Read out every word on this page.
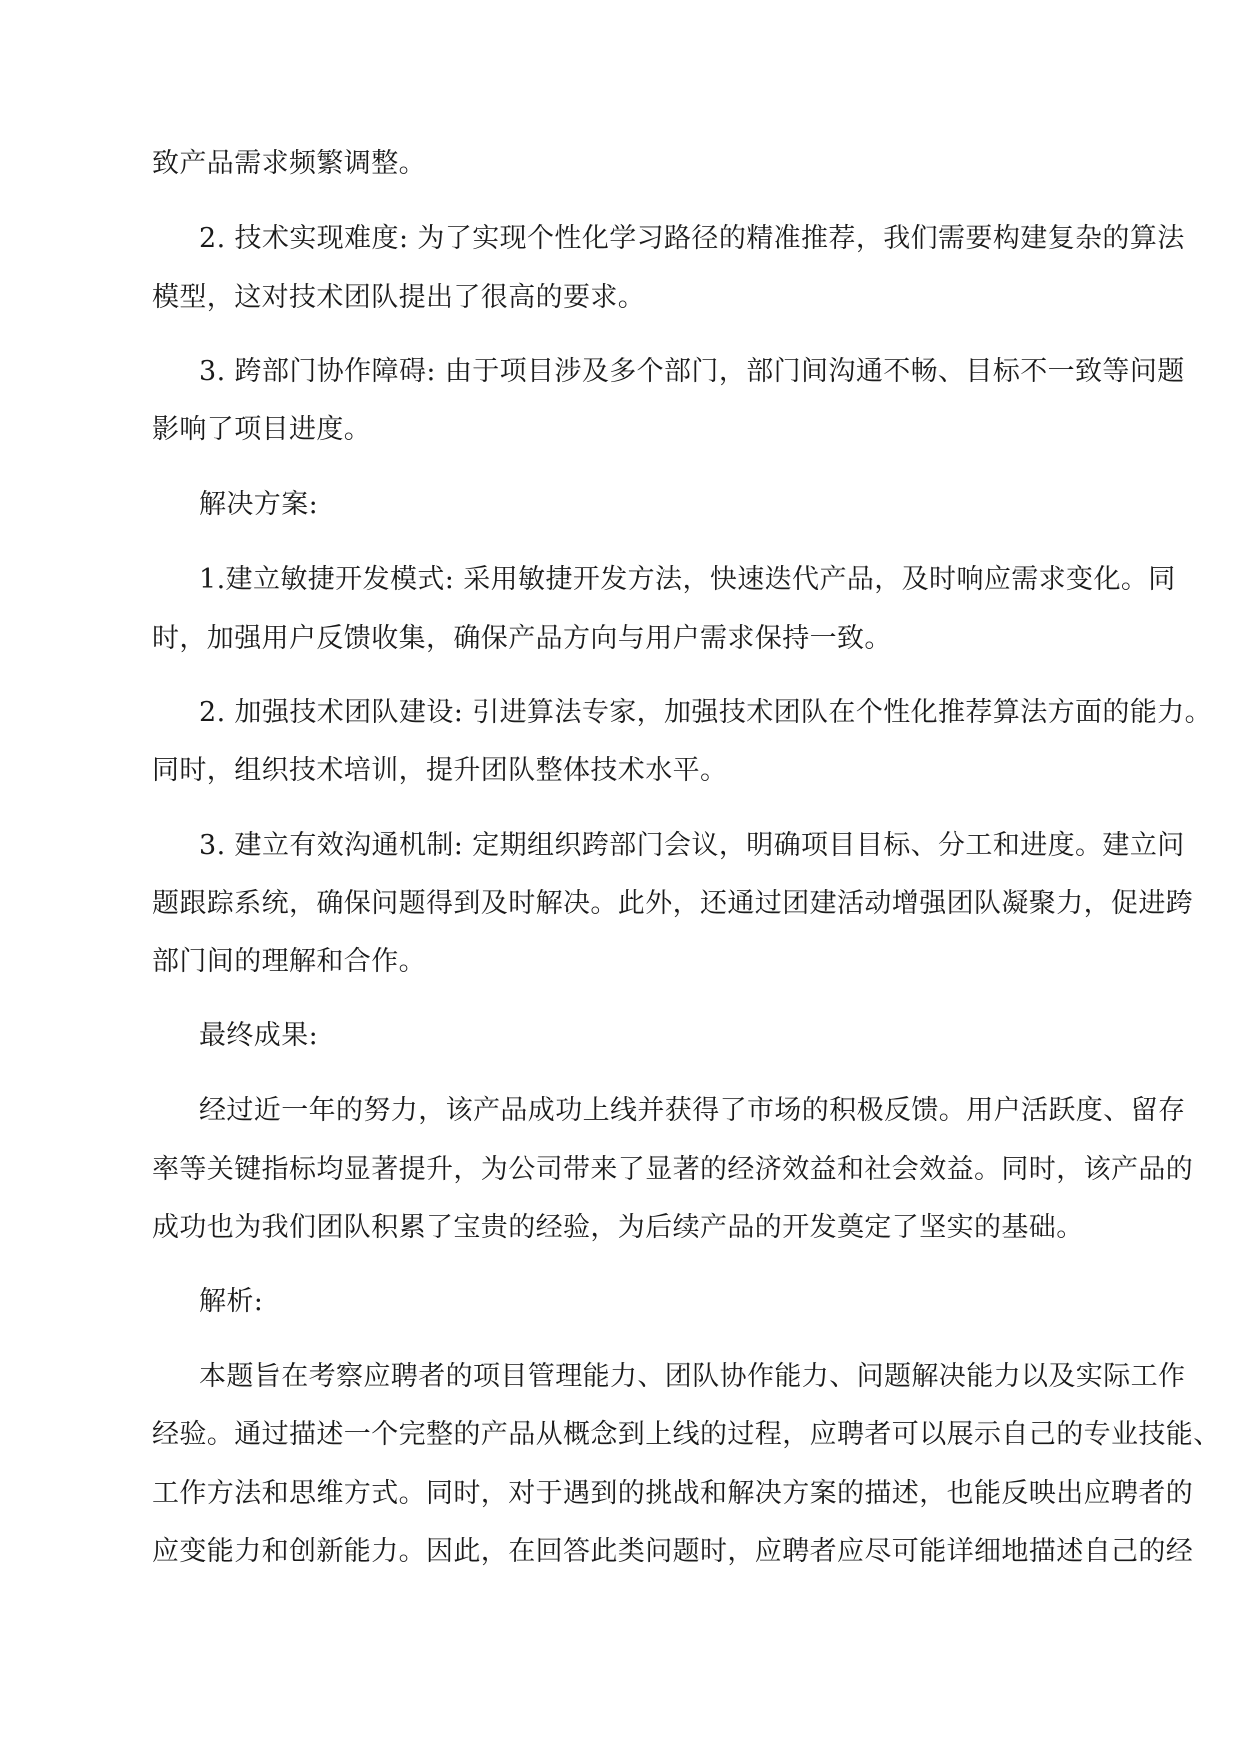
致产品需求频繁调整。
2. 技术实现难度: 为了实现个性化学习路径的精准推荐，我们需要构建复杂的算法
模型，这对技术团队提出了很高的要求。
3. 跨部门协作障碍: 由于项目涉及多个部门，部门间沟通不畅、目标不一致等问题
影响了项目进度。
解决方案:
1.建立敏捷开发模式: 采用敏捷开发方法，快速迭代产品，及时响应需求变化。同
时，加强用户反馈收集，确保产品方向与用户需求保持一致。
2. 加强技术团队建设: 引进算法专家，加强技术团队在个性化推荐算法方面的能力。
同时，组织技术培训，提升团队整体技术水平。
3. 建立有效沟通机制: 定期组织跨部门会议，明确项目目标、分工和进度。建立问
题跟踪系统，确保问题得到及时解决。此外，还通过团建活动增强团队凝聚力，促进跨
部门间的理解和合作。
最终成果:
经过近一年的努力，该产品成功上线并获得了市场的积极反馈。用户活跃度、留存
率等关键指标均显著提升，为公司带来了显著的经济效益和社会效益。同时，该产品的
成功也为我们团队积累了宝贵的经验，为后续产品的开发奠定了坚实的基础。
解析:
本题旨在考察应聘者的项目管理能力、团队协作能力、问题解决能力以及实际工作
经验。通过描述一个完整的产品从概念到上线的过程，应聘者可以展示自己的专业技能、
工作方法和思维方式。同时，对于遇到的挑战和解决方案的描述，也能反映出应聘者的
应变能力和创新能力。因此，在回答此类问题时，应聘者应尽可能详细地描述自己的经
